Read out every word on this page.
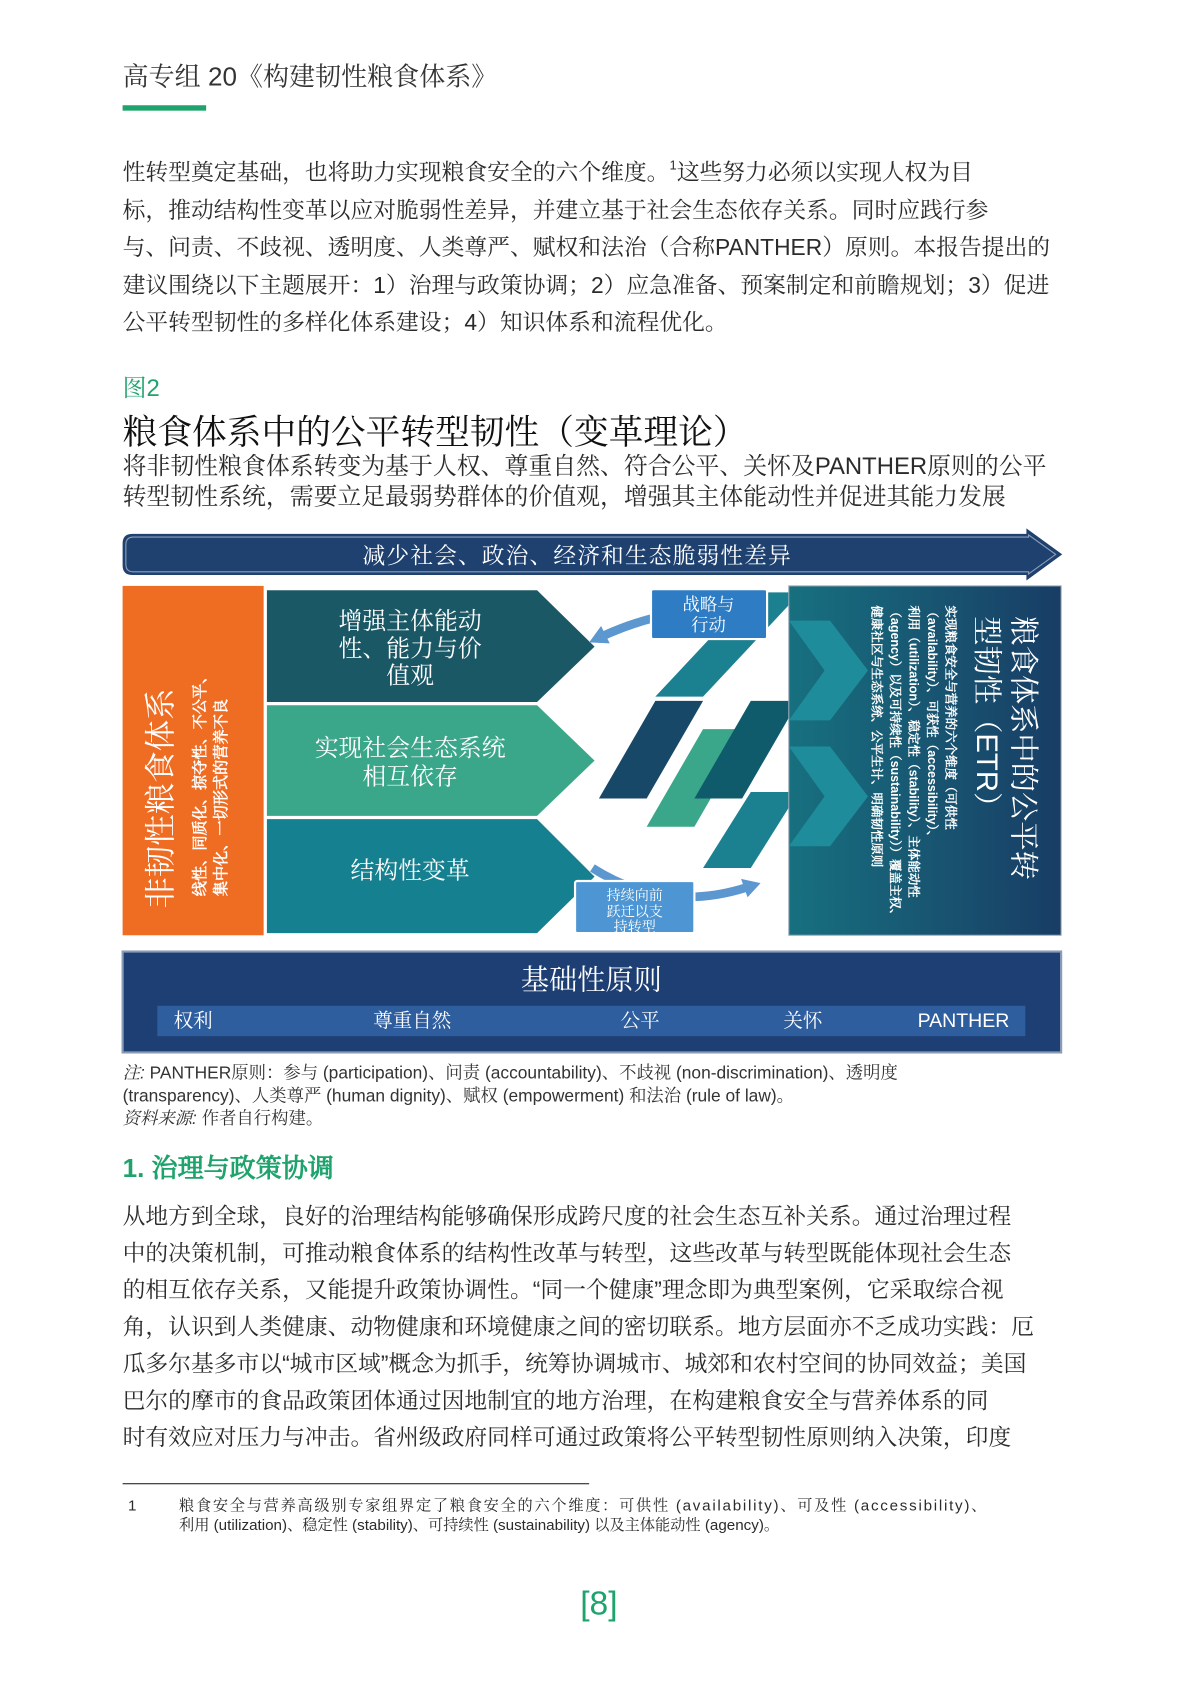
高专组 20《构建韧性粮食体系》
性转型奠定基础，也将助力实现粮食安全的六个维度。$^1$这些努力必须以实现人权为目
标，推动结构性变革以应对脆弱性差异，并建立基于社会生态依存关系。同时应践行参
与、问责、不歧视、透明度、人类尊严、赋权和法治（合称PANTHER）原则。本报告提出的
建议围绕以下主题展开：1）治理与政策协调；2）应急准备、预案制定和前瞻规划；3）促进
公平转型韧性的多样化体系建设；4）知识体系和流程优化。
图2
粮食体系中的公平转型韧性（变革理论）
将非韧性粮食体系转变为基于人权、尊重自然、符合公平、关怀及PANTHER原则的公平
转型韧性系统，需要立足最弱势群体的价值观，增强其主体能动性并促进其能力发展
减少社会、政治、经济和生态脆弱性差异
非韧性粮食体系 线性、同质化、掠夺性、不公平、 集中化、一切形式的营养不良
增强主体能动
性、能力与价
值观
实现社会生态系统
相互依存
结构性变革	粮食体系中的公平转
型韧性（ETR）
实现粮食安全与营养的六个维度（可供性
（availability）、可获性（accessibility）、
利用（utilization）、稳定性（stability）、主体能动性
（agency）以及可持续性（sustainability））覆盖主权、
健康社区与生态系统、公平生计、明确韧性原则
战略与
行动
持续向前
跃迁以支
持转型
基础性原则
权利	尊重自然	公平	关怀	PANTHER
注: PANTHER原则：参与 (participation)、问责 (accountability)、不歧视 (non-discrimination)、透明度
(transparency)、人类尊严 (human dignity)、赋权 (empowerment) 和法治 (rule of law)。
资料来源: 作者自行构建。
1. 治理与政策协调
从地方到全球，良好的治理结构能够确保形成跨尺度的社会生态互补关系。通过治理过程
中的决策机制，可推动粮食体系的结构性改革与转型，这些改革与转型既能体现社会生态
的相互依存关系，又能提升政策协调性。“同一个健康”理念即为典型案例，它采取综合视
角，认识到人类健康、动物健康和环境健康之间的密切联系。地方层面亦不乏成功实践：厄
瓜多尔基多市以“城市区域”概念为抓手，统筹协调城市、城郊和农村空间的协同效益；美国
巴尔的摩市的食品政策团体通过因地制宜的地方治理，在构建粮食安全与营养体系的同
时有效应对压力与冲击。省州级政府同样可通过政策将公平转型韧性原则纳入决策，印度
1	粮食安全与营养高级别专家组界定了粮食安全的六个维度：可供性 (availability)、可及性 (accessibility)、
利用 (utilization)、稳定性 (stability)、可持续性 (sustainability) 以及主体能动性 (agency)。
[8]
